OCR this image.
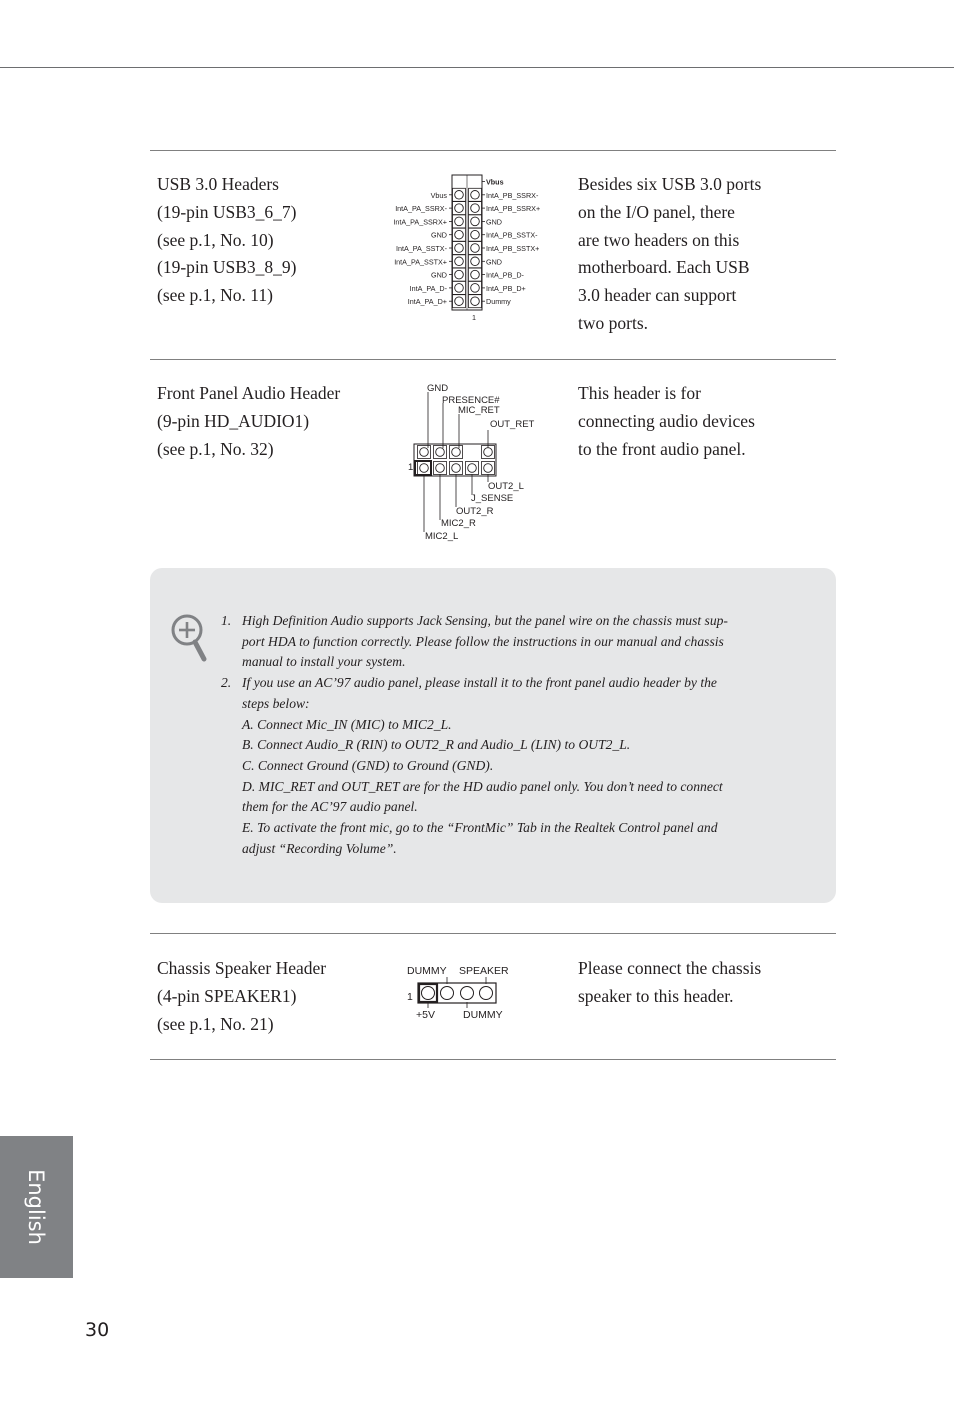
USB 3.0 Headers
(19-pin USB3_6_7)
(see p.1, No. 10)
(19-pin USB3_8_9)
(see p.1, No. 11)
Vbus
IntA_PB_SSRX-
IntA_PB_SSRX+
GND
IntA_PB_SSTX-
IntA_PB_SSTX+
GND
IntA_PB_D-
IntA_PB_D+
Dummy
Vbus
IntA_PA_SSRX-
IntA_PA_SSRX+
GND
IntA_PA_SSTX-
IntA_PA_SSTX+
GND
IntA_PA_D-
IntA_PA_D+
1
Besides six USB 3.0 ports
on the I/O panel, there
are two headers on this
motherboard. Each USB
3.0 header can support
two ports.
Front Panel Audio Header
(9-pin HD_AUDIO1)
(see p.1, No. 32)
GND
PRESENCE#
MIC_RET
OUT_RET
1
OUT2_L
J_SENSE
OUT2_R
MIC2_R
MIC2_L
This header is for
connecting audio devices
to the front audio panel.
1. High Definition Audio supports Jack Sensing, but the panel wire on the chassis must sup-
port HDA to function correctly. Please follow the instructions in our manual and chassis
manual to install your system.
2. If you use an AC’97 audio panel, please install it to the front panel audio header by the
steps below:
A. Connect Mic_IN (MIC) to MIC2_L.
B. Connect Audio_R (RIN) to OUT2_R and Audio_L (LIN) to OUT2_L.
C. Connect Ground (GND) to Ground (GND).
D. MIC_RET and OUT_RET are for the HD audio panel only. You don’t need to connect
them for the AC’97 audio panel.
E. To activate the front mic, go to the “FrontMic” Tab in the Realtek Control panel and
adjust “Recording Volume”.
Chassis Speaker Header
(4-pin SPEAKER1)
(see p.1, No. 21)
DUMMY SPEAKER
1
+5V	DUMMY
Please connect the chassis
speaker to this header.
English
30
